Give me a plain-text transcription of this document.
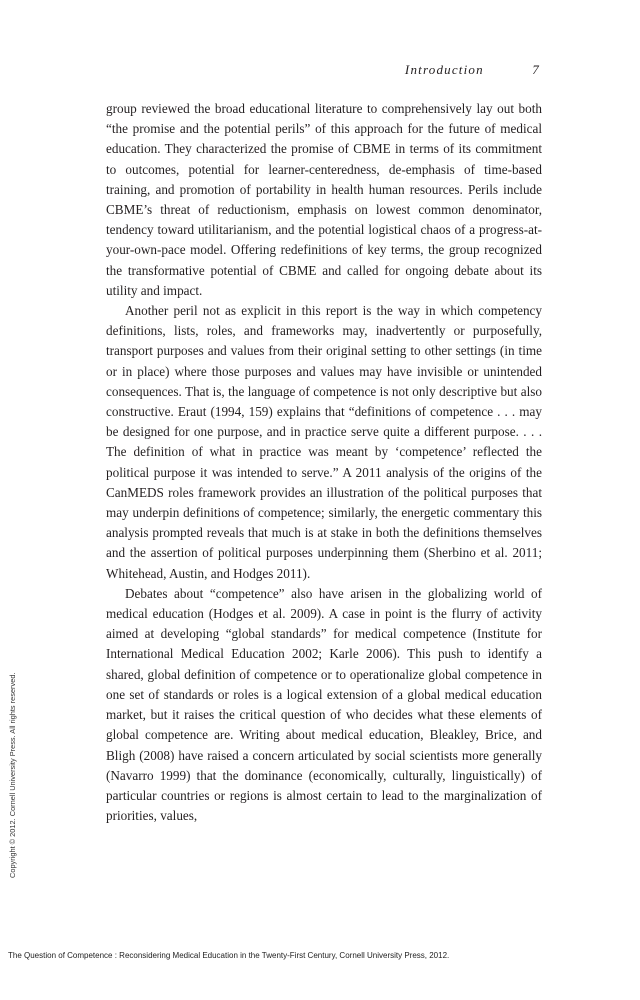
Introduction	7

group reviewed the broad educational literature to comprehensively lay out both “the promise and the potential perils” of this approach for the future of medical education. They characterized the promise of CBME in terms of its commitment to outcomes, potential for learner-centeredness, de-emphasis of time-based training, and promotion of portability in health human resources. Perils include CBME’s threat of reductionism, emphasis on lowest common denominator, tendency toward utilitarianism, and the potential logistical chaos of a progress-at-your-own-pace model. Offering redefinitions of key terms, the group recognized the transformative potential of CBME and called for ongoing debate about its utility and impact.

Another peril not as explicit in this report is the way in which competency definitions, lists, roles, and frameworks may, inadvertently or purposefully, transport purposes and values from their original setting to other settings (in time or in place) where those purposes and values may have invisible or unintended consequences. That is, the language of competence is not only descriptive but also constructive. Eraut (1994, 159) explains that “definitions of competence . . . may be designed for one purpose, and in practice serve quite a different purpose. . . . The definition of what in practice was meant by ‘competence’ reflected the political purpose it was intended to serve.” A 2011 analysis of the origins of the CanMEDS roles framework provides an illustration of the political purposes that may underpin definitions of competence; similarly, the energetic commentary this analysis prompted reveals that much is at stake in both the definitions themselves and the assertion of political purposes underpinning them (Sherbino et al. 2011; Whitehead, Austin, and Hodges 2011).

Debates about “competence” also have arisen in the globalizing world of medical education (Hodges et al. 2009). A case in point is the flurry of activity aimed at developing “global standards” for medical competence (Institute for International Medical Education 2002; Karle 2006). This push to identify a shared, global definition of competence or to operationalize global competence in one set of standards or roles is a logical extension of a global medical education market, but it raises the critical question of who decides what these elements of global competence are. Writing about medical education, Bleakley, Brice, and Bligh (2008) have raised a concern articulated by social scientists more generally (Navarro 1999) that the dominance (economically, culturally, linguistically) of particular countries or regions is almost certain to lead to the marginalization of priorities, values,

Copyright © 2012. Cornell University Press. All rights reserved.
The Question of Competence : Reconsidering Medical Education in the Twenty-First Century, Cornell University Press, 2012.
